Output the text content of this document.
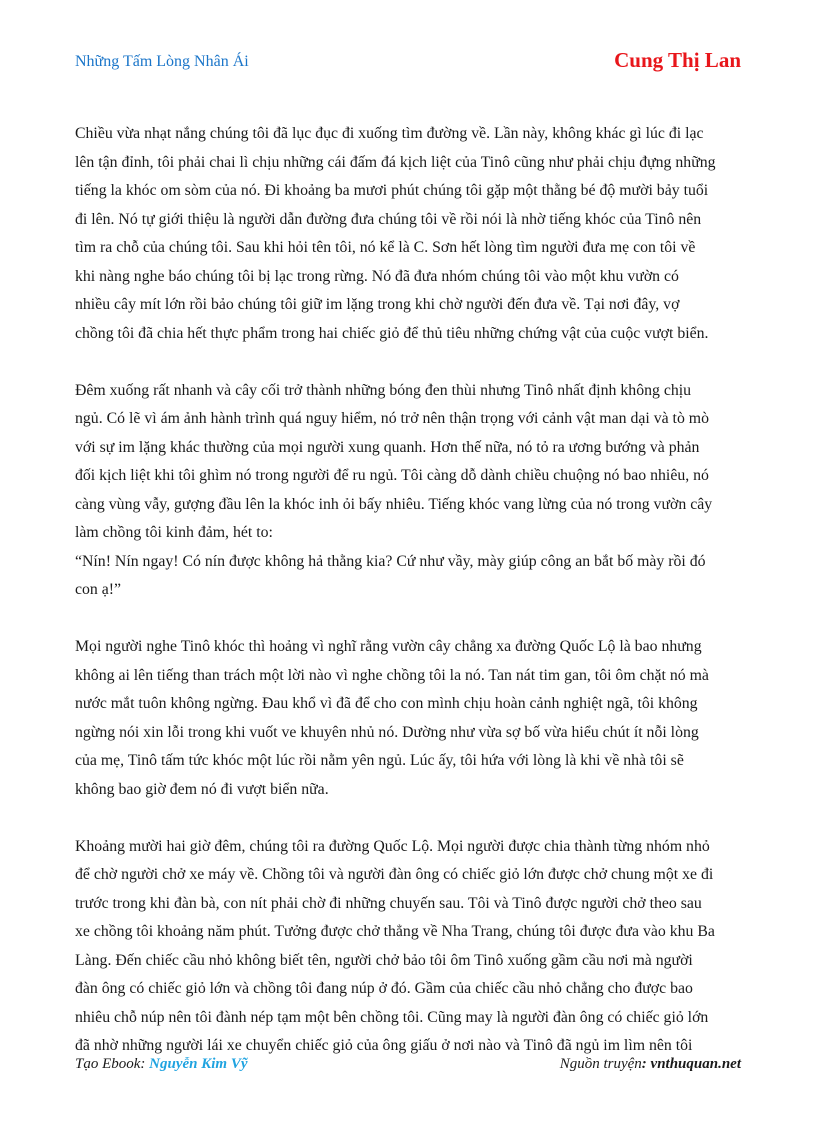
Những Tấm Lòng Nhân Ái	Cung Thị Lan

Chiều vừa nhạt nắng chúng tôi đã lục đục đi xuống tìm đường về. Lần này, không khác gì lúc đi lạc
lên tận đỉnh, tôi phải chai lì chịu những cái đấm đá kịch liệt của Tinô cũng như phải chịu đựng những
tiếng la khóc om sòm của nó. Đi khoảng ba mươi phút chúng tôi gặp một thằng bé độ mười bảy tuổi
đi lên. Nó tự giới thiệu là người dẫn đường đưa chúng tôi về rồi nói là nhờ tiếng khóc của Tinô nên
tìm ra chỗ của chúng tôi. Sau khi hỏi tên tôi, nó kể là C. Sơn hết lòng tìm người đưa mẹ con tôi về
khi nàng nghe báo chúng tôi bị lạc trong rừng. Nó đã đưa nhóm chúng tôi vào một khu vườn có
nhiều cây mít lớn rồi bảo chúng tôi giữ im lặng trong khi chờ người đến đưa về. Tại nơi đây, vợ
chồng tôi đã chia hết thực phẩm trong hai chiếc giỏ để thủ tiêu những chứng vật của cuộc vượt biển.

Đêm xuống rất nhanh và cây cối trở thành những bóng đen thùi nhưng Tinô nhất định không chịu
ngủ. Có lẽ vì ám ảnh hành trình quá nguy hiểm, nó trở nên thận trọng với cảnh vật man dại và tò mò
với sự im lặng khác thường của mọi người xung quanh. Hơn thế nữa, nó tỏ ra ương bướng và phản
đối kịch liệt khi tôi ghìm nó trong người để ru ngủ. Tôi càng dỗ dành chiều chuộng nó bao nhiêu, nó
càng vùng vẫy, gượng đầu lên la khóc inh ỏi bấy nhiêu. Tiếng khóc vang lừng của nó trong vườn cây
làm chồng tôi kinh đảm, hét to:

“Nín! Nín ngay! Có nín được không hả thằng kia? Cứ như vầy, mày giúp công an bắt bố mày rồi đó
con ạ!”

Mọi người nghe Tinô khóc thì hoảng vì nghĩ rằng vườn cây chẳng xa đường Quốc Lộ là bao nhưng
không ai lên tiếng than trách một lời nào vì nghe chồng tôi la nó. Tan nát tim gan, tôi ôm chặt nó mà
nước mắt tuôn không ngừng. Đau khổ vì đã để cho con mình chịu hoàn cảnh nghiệt ngã, tôi không
ngừng nói xin lỗi trong khi vuốt ve khuyên nhủ nó. Dường như vừa sợ bố vừa hiểu chút ít nỗi lòng
của mẹ, Tinô tấm tức khóc một lúc rồi nằm yên ngủ. Lúc ấy, tôi hứa với lòng là khi về nhà tôi sẽ
không bao giờ đem nó đi vượt biển nữa.

Khoảng mười hai giờ đêm, chúng tôi ra đường Quốc Lộ. Mọi người được chia thành từng nhóm nhỏ
để chờ người chở xe máy về. Chồng tôi và người đàn ông có chiếc giỏ lớn được chở chung một xe đi
trước trong khi đàn bà, con nít phải chờ đi những chuyến sau. Tôi và Tinô được người chở theo sau
xe chồng tôi khoảng năm phút. Tưởng được chở thẳng về Nha Trang, chúng tôi được đưa vào khu Ba
Làng. Đến chiếc cầu nhỏ không biết tên, người chở bảo tôi ôm Tinô xuống gầm cầu nơi mà người
đàn ông có chiếc giỏ lớn và chồng tôi đang núp ở đó. Gầm của chiếc cầu nhỏ chẳng cho được bao
nhiêu chỗ núp nên tôi đành nép tạm một bên chồng tôi. Cũng may là người đàn ông có chiếc giỏ lớn
đã nhờ những người lái xe chuyển chiếc giỏ của ông giấu ở nơi nào và Tinô đã ngủ im lìm nên tôi

Tạo Ebook: Nguyễn Kim Vỹ	Nguồn truyện: vnthuquan.net
